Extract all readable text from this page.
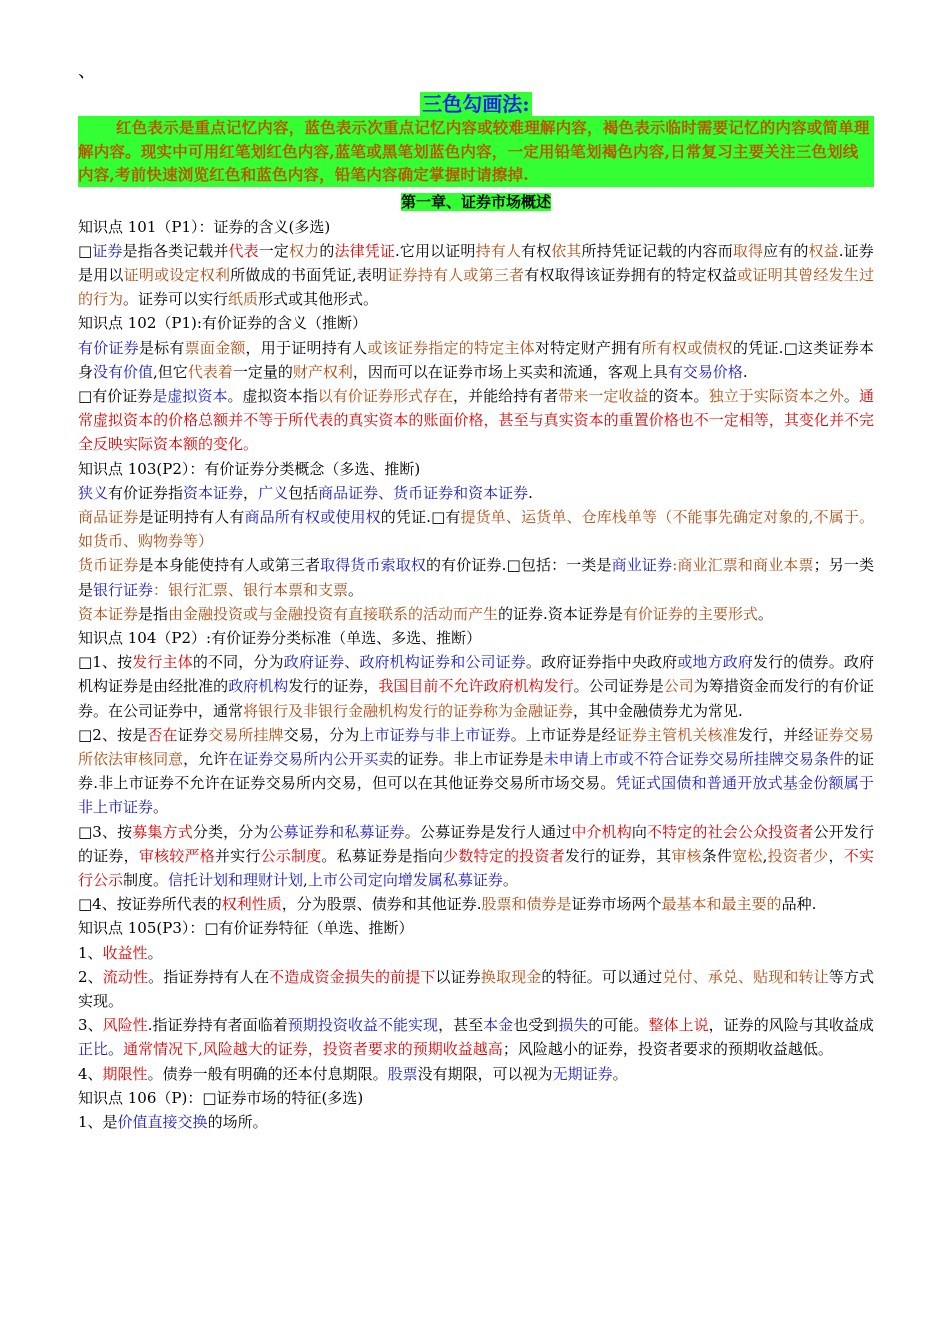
、
三色勾画法:

红色表示是重点记忆内容，蓝色表示次重点记忆内容或较难理解内容，褐色表示临时需要记忆的内容或简单理解内容。现实中可用红笔划红色内容,蓝笔或黑笔划蓝色内容，一定用铅笔划褐色内容,日常复习主要关注三色划线内容,考前快速浏览红色和蓝色内容，铅笔内容确定掌握时请擦掉.

第一章、证券市场概述

知识点 101（P1）：证券的含义(多选)

□证券是指各类记载并代表一定权力的法律凭证.它用以证明持有人有权依其所持凭证记载的内容而取得应有的权益.证券是用以证明或设定权利所做成的书面凭证,表明证券持有人或第三者有权取得该证券拥有的特定权益或证明其曾经发生过的行为。证券可以实行纸质形式或其他形式。

知识点 102（P1):有价证券的含义（推断）

有价证券是标有票面金额，用于证明持有人或该证券指定的特定主体对特定财产拥有所有权或债权的凭证.□这类证券本身没有价值,但它代表着一定量的财产权利，因而可以在证券市场上买卖和流通，客观上具有交易价格.

□有价证券是虚拟资本。虚拟资本指以有价证券形式存在，并能给持有者带来一定收益的资本。独立于实际资本之外。通常虚拟资本的价格总额并不等于所代表的真实资本的账面价格，甚至与真实资本的重置价格也不一定相等，其变化并不完全反映实际资本额的变化。

知识点 103(P2）：有价证券分类概念（多选、推断)

狭义有价证券指资本证券，广义包括商品证券、货币证券和资本证券.

商品证券是证明持有人有商品所有权或使用权的凭证.□有提货单、运货单、仓库栈单等（不能事先确定对象的,不属于。如货币、购物券等）

货币证券是本身能使持有人或第三者取得货币索取权的有价证券.□包括：一类是商业证券:商业汇票和商业本票；另一类是银行证券：银行汇票、银行本票和支票。

资本证券是指由金融投资或与金融投资有直接联系的活动而产生的证券.资本证券是有价证券的主要形式。

知识点 104（P2）:有价证券分类标准（单选、多选、推断）

□1、按发行主体的不同，分为政府证券、政府机构证券和公司证券。政府证券指中央政府或地方政府发行的债券。政府机构证券是由经批准的政府机构发行的证券，我国目前不允许政府机构发行。公司证券是公司为筹措资金而发行的有价证券。在公司证券中，通常将银行及非银行金融机构发行的证券称为金融证券，其中金融债券尤为常见.

□2、按是否在证券交易所挂牌交易，分为上市证券与非上市证券。上市证券是经证券主管机关核准发行，并经证券交易所依法审核同意，允许在证券交易所内公开买卖的证券。非上市证券是未申请上市或不符合证券交易所挂牌交易条件的证券.非上市证券不允许在证券交易所内交易，但可以在其他证券交易所市场交易。凭证式国债和普通开放式基金份额属于非上市证券。

□3、按募集方式分类，分为公募证券和私募证券。公募证券是发行人通过中介机构向不特定的社会公众投资者公开发行的证券，审核较严格并实行公示制度。私募证券是指向少数特定的投资者发行的证券，其审核条件宽松,投资者少，不实行公示制度。信托计划和理财计划,上市公司定向增发属私募证券。

□4、按证券所代表的权利性质，分为股票、债券和其他证券.股票和债券是证券市场两个最基本和最主要的品种.

知识点 105(P3）：□有价证券特征（单选、推断）

1、收益性。

2、流动性。指证券持有人在不造成资金损失的前提下以证券换取现金的特征。可以通过兑付、承兑、贴现和转让等方式实现。

3、风险性.指证券持有者面临着预期投资收益不能实现，甚至本金也受到损失的可能。整体上说，证券的风险与其收益成正比。通常情况下,风险越大的证券，投资者要求的预期收益越高；风险越小的证券，投资者要求的预期收益越低。

4、期限性。债券一般有明确的还本付息期限。股票没有期限，可以视为无期证券。

知识点 106（P)：□证券市场的特征(多选)

1、是价值直接交换的场所。
